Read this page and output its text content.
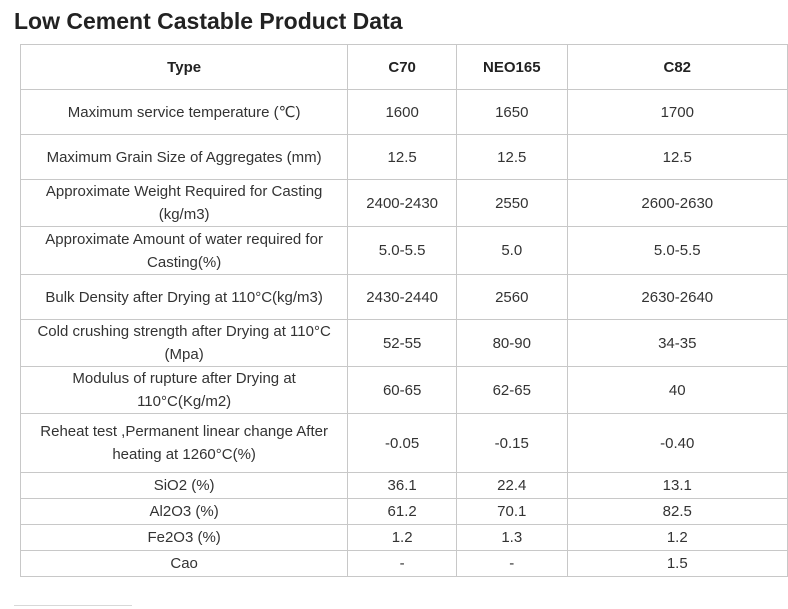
Low Cement Castable Product Data
Type	C70	NEO165	C82
Maximum service temperature (℃)	1600	1650	1700
Maximum Grain Size of Aggregates (mm)	12.5	12.5	12.5
Approximate Weight Required for Casting (kg/m3)	2400-2430	2550	2600-2630
Approximate Amount of water required for Casting(%)	5.0-5.5	5.0	5.0-5.5
Bulk Density after Drying at 110°C(kg/m3)	2430-2440	2560	2630-2640
Cold crushing strength after Drying at 110°C (Mpa)	52-55	80-90	34-35
Modulus of rupture after Drying at 110°C(Kg/m2)	60-65	62-65	40
Reheat test ,Permanent linear change After heating at 1260°C(%)	-0.05	-0.15	-0.40
SiO2 (%)	36.1	22.4	13.1
Al2O3 (%)	61.2	70.1	82.5
Fe2O3 (%)	1.2	1.3	1.2
Cao	-	-	1.5
